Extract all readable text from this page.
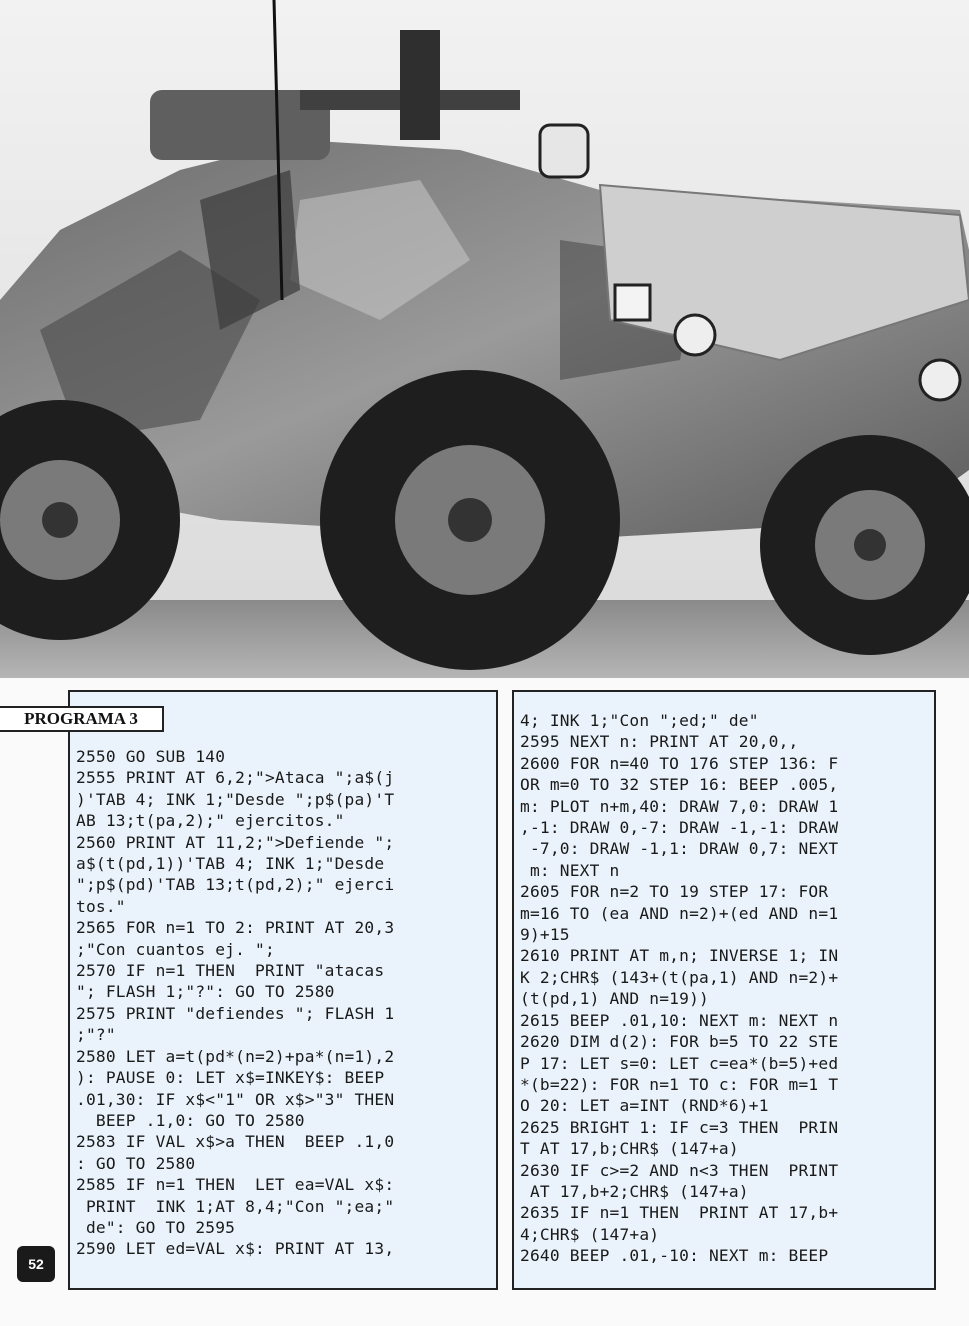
PROGRAMA 3
2550 GO SUB 140
2555 PRINT AT 6,2;">Ataca ";a$(j
)'TAB 4; INK 1;"Desde ";p$(pa)'T
AB 13;t(pa,2);" ejercitos."
2560 PRINT AT 11,2;">Defiende ";
a$(t(pd,1))'TAB 4; INK 1;"Desde
";p$(pd)'TAB 13;t(pd,2);" ejerci
tos."
2565 FOR n=1 TO 2: PRINT AT 20,3
;"Con cuantos ej. ";
2570 IF n=1 THEN  PRINT "atacas
"; FLASH 1;"?": GO TO 2580
2575 PRINT "defiendes "; FLASH 1
;"?"
2580 LET a=t(pd*(n=2)+pa*(n=1),2
): PAUSE 0: LET x$=INKEY$: BEEP
.01,30: IF x$<"1" OR x$>"3" THEN
BEEP .1,0: GO TO 2580
2583 IF VAL x$>a THEN  BEEP .1,0
: GO TO 2580
2585 IF n=1 THEN  LET ea=VAL x$:
PRINT  INK 1;AT 8,4;"Con ";ea;"
de": GO TO 2595
2590 LET ed=VAL x$: PRINT AT 13,

4; INK 1;"Con ";ed;" de"
2595 NEXT n: PRINT AT 20,0,,
2600 FOR n=40 TO 176 STEP 136: F
OR m=0 TO 32 STEP 16: BEEP .005,
m: PLOT n+m,40: DRAW 7,0: DRAW 1
,-1: DRAW 0,-7: DRAW -1,-1: DRAW
-7,0: DRAW -1,1: DRAW 0,7: NEXT
m: NEXT n
2605 FOR n=2 TO 19 STEP 17: FOR
m=16 TO (ea AND n=2)+(ed AND n=1
9)+15
2610 PRINT AT m,n; INVERSE 1; IN
K 2;CHR$ (143+(t(pa,1) AND n=2)+
(t(pd,1) AND n=19))
2615 BEEP .01,10: NEXT m: NEXT n
2620 DIM d(2): FOR b=5 TO 22 STE
P 17: LET s=0: LET c=ea*(b=5)+ed
*(b=22): FOR n=1 TO c: FOR m=1 T
O 20: LET a=INT (RND*6)+1
2625 BRIGHT 1: IF c=3 THEN  PRIN
T AT 17,b;CHR$ (147+a)
2630 IF c>=2 AND n<3 THEN  PRINT
AT 17,b+2;CHR$ (147+a)
2635 IF n=1 THEN  PRINT AT 17,b+
4;CHR$ (147+a)
2640 BEEP .01,-10: NEXT m: BEEP

52
